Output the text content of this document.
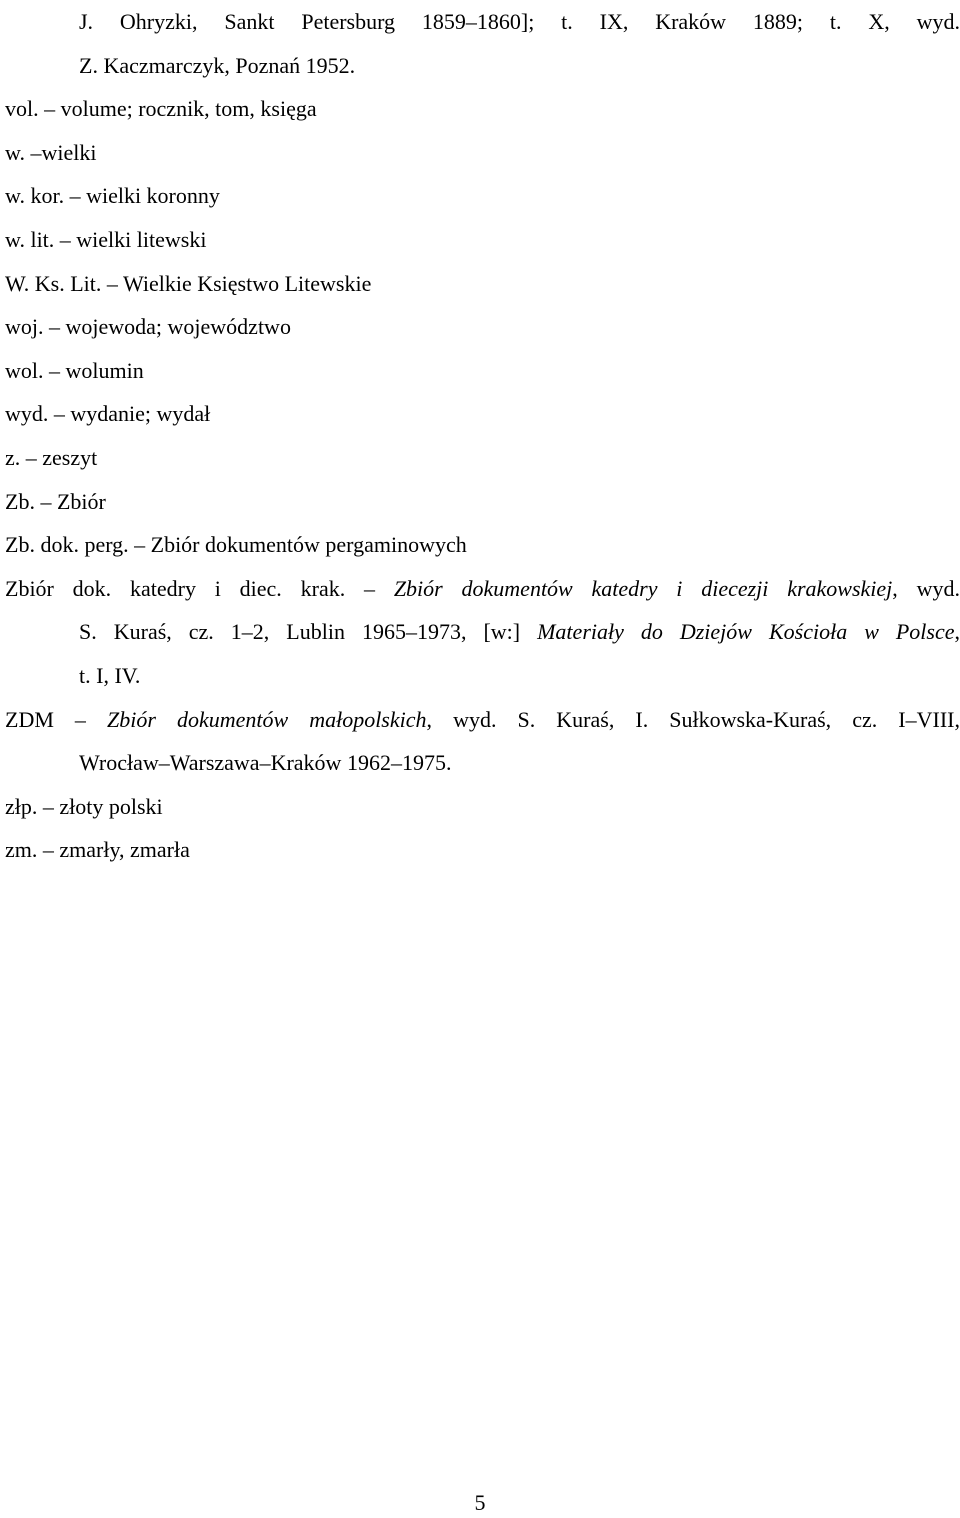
J. Ohryzki, Sankt Petersburg 1859–1860]; t. IX, Kraków 1889; t. X, wyd.
Z. Kaczmarczyk, Poznań 1952.
vol. – volume; rocznik, tom, księga
w. –wielki
w. kor. – wielki koronny
w. lit. – wielki litewski
W. Ks. Lit. – Wielkie Księstwo Litewskie
woj. – wojewoda; województwo
wol. – wolumin
wyd. – wydanie; wydał
z. – zeszyt
Zb. – Zbiór
Zb. dok. perg. – Zbiór dokumentów pergaminowych
Zbiór dok. katedry i diec. krak. – Zbiór dokumentów katedry i diecezji krakowskiej, wyd.
S. Kuraś, cz. 1–2, Lublin 1965–1973, [w:] Materiały do Dziejów Kościoła w Polsce,
t. I, IV.
ZDM – Zbiór dokumentów małopolskich, wyd. S. Kuraś, I. Sułkowska-Kuraś, cz. I–VIII,
Wrocław–Warszawa–Kraków 1962–1975.
złp. – złoty polski
zm. – zmarły, zmarła
5
